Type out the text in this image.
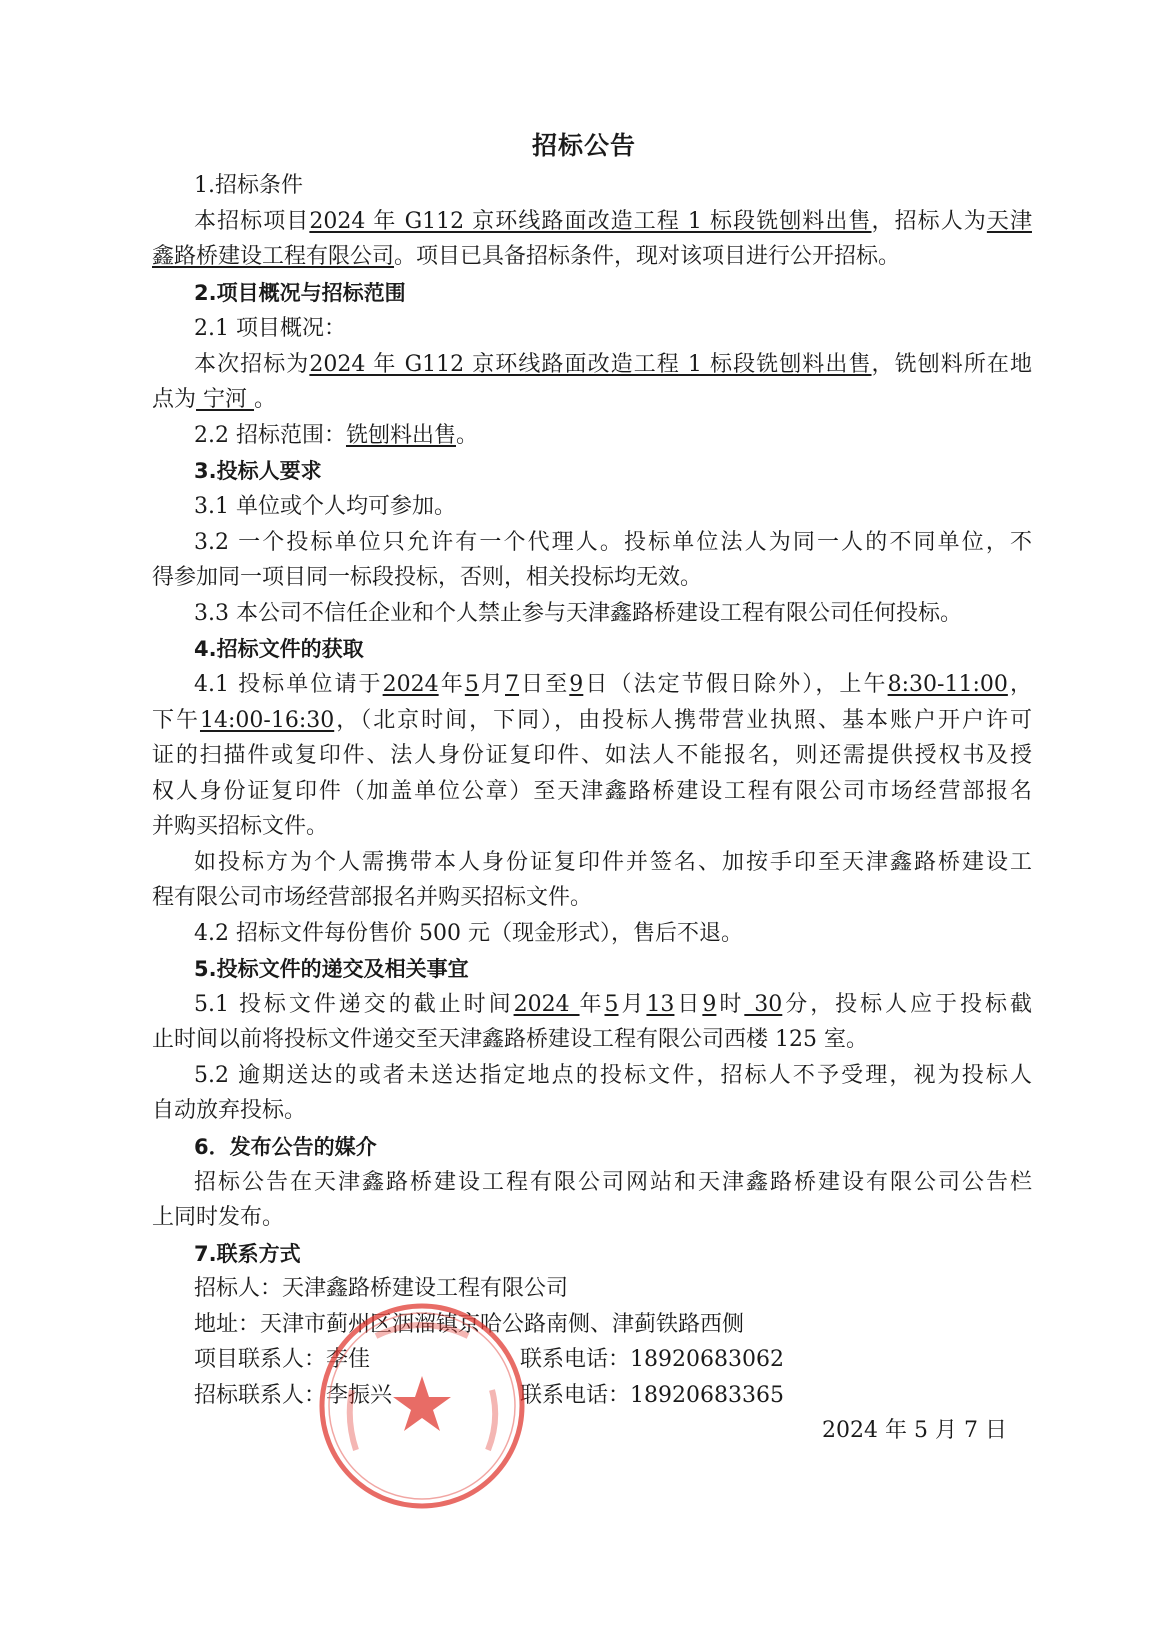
招标公告
1.招标条件
本招标项目2024 年 G112 京环线路面改造工程 1 标段铣刨料出售，招标人为天津
鑫路桥建设工程有限公司。项目已具备招标条件，现对该项目进行公开招标。
2.项目概况与招标范围
2.1 项目概况：
本次招标为2024 年 G112 京环线路面改造工程 1 标段铣刨料出售，铣刨料所在地
点为 宁河 。
2.2 招标范围：铣刨料出售。
3.投标人要求
3.1 单位或个人均可参加。
3.2 一个投标单位只允许有一个代理人。投标单位法人为同一人的不同单位，不
得参加同一项目同一标段投标，否则，相关投标均无效。
3.3 本公司不信任企业和个人禁止参与天津鑫路桥建设工程有限公司任何投标。
4.招标文件的获取
4.1 投标单位请于2024年5月7日至9日（法定节假日除外），上午8:30-11:00，
下午14:00-16:30，（北京时间，下同），由投标人携带营业执照、基本账户开户许可
证的扫描件或复印件、法人身份证复印件、如法人不能报名，则还需提供授权书及授
权人身份证复印件（加盖单位公章）至天津鑫路桥建设工程有限公司市场经营部报名
并购买招标文件。
如投标方为个人需携带本人身份证复印件并签名、加按手印至天津鑫路桥建设工
程有限公司市场经营部报名并购买招标文件。
4.2 招标文件每份售价 500 元（现金形式），售后不退。
5.投标文件的递交及相关事宜
5.1 投标文件递交的截止时间2024 年5月13日9时 30分，投标人应于投标截
止时间以前将投标文件递交至天津鑫路桥建设工程有限公司西楼 125 室。
5.2 逾期送达的或者未送达指定地点的投标文件，招标人不予受理，视为投标人
自动放弃投标。
6．发布公告的媒介
招标公告在天津鑫路桥建设工程有限公司网站和天津鑫路桥建设有限公司公告栏
上同时发布。
7.联系方式
招标人：天津鑫路桥建设工程有限公司
地址：天津市蓟州区洇溜镇京哈公路南侧、津蓟铁路西侧
项目联系人：李佳	联系电话：18920683062
招标联系人：李振兴	联系电话：18920683365
2024 年 5 月 7 日
